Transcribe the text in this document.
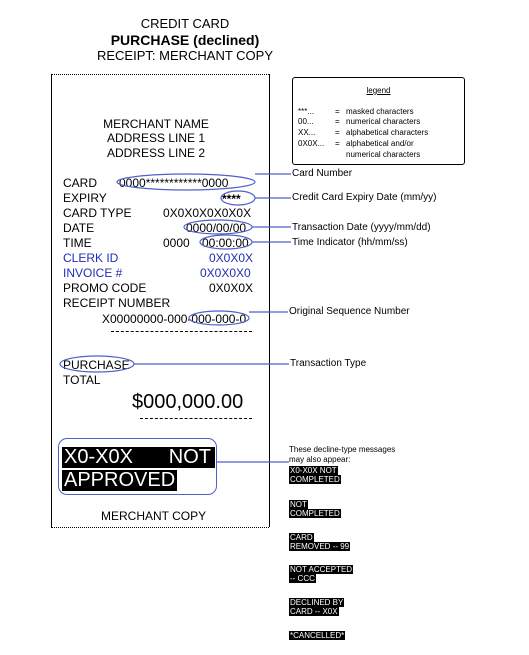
CREDIT CARD
PURCHASE (declined)
RECEIPT: MERCHANT COPY
MERCHANT NAME
ADDRESS LINE 1
ADDRESS LINE 2
CARD 0000************0000
EXPIRY	****
CARD TYPE	0X0X0X0X0X0X
DATE	0000/00/00
TIME	0000 00:00:00
CLERK ID	0X0X0X
INVOICE #	0X0X0X0
PROMO CODE	0X0X0X
RECEIPT NUMBER
X00000000-000-000-000-0
PURCHASE
TOTAL
$000,000.00
X0-X0X NOT
APPROVED
MERCHANT COPY
legend
***...	= masked characters
00...	= numerical characters
XX... = alphabetical characters
0X0X... = alphabetical and/or
numerical characters
Card Number
Credit Card Expiry Date (mm/yy)
Transaction Date (yyyy/mm/dd)
Time Indicator (hh/mm/ss)
Original Sequence Number
Transaction Type
These decline-type messages
may also appear:
X0-X0X NOT
COMPLETED
NOT
COMPLETED
CARD
REMOVED -- 99
NOT ACCEPTED
-- CCC
DECLINED BY
CARD -- X0X
*CANCELLED*
